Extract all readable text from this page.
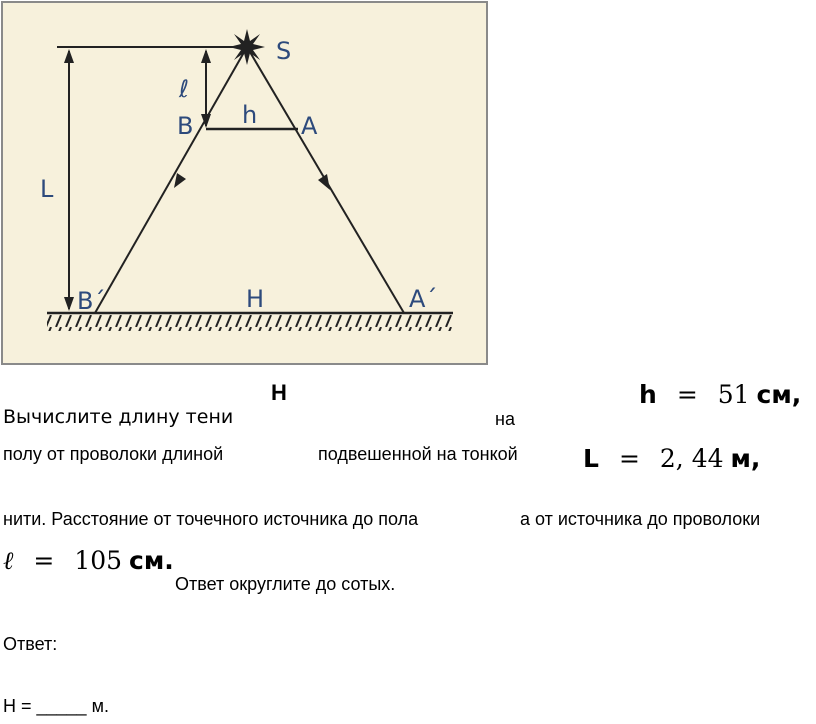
S
ℓ
B h A
L
B´	H	A´
H	h = 51 см,
Вычислите длину тени	на
полу от проволоки длиной	подвешенной на тонкой	L = 2, 44 м,
нити. Расстояние от точечного источника до пола	а от источника до проволоки
ℓ = 105 см.
Ответ округлите до сотых.
Ответ:
H = _____ м.
